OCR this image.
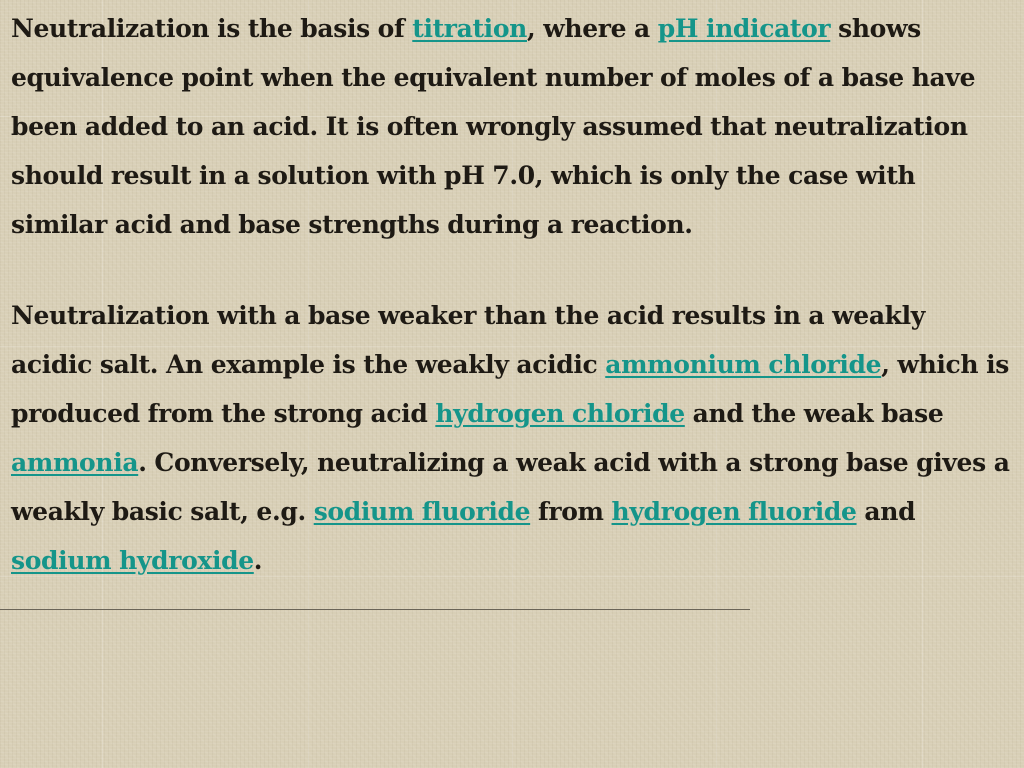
Neutralization is the basis of titration, where a pH indicator shows equivalence point when the equivalent number of moles of a base have been added to an acid. It is often wrongly assumed that neutralization should result in a solution with pH 7.0, which is only the case with similar acid and base strengths during a reaction.

Neutralization with a base weaker than the acid results in a weakly acidic salt. An example is the weakly acidic ammonium chloride, which is produced from the strong acid hydrogen chloride and the weak base ammonia. Conversely, neutralizing a weak acid with a strong base gives a weakly basic salt, e.g. sodium fluoride from hydrogen fluoride and sodium hydroxide.
